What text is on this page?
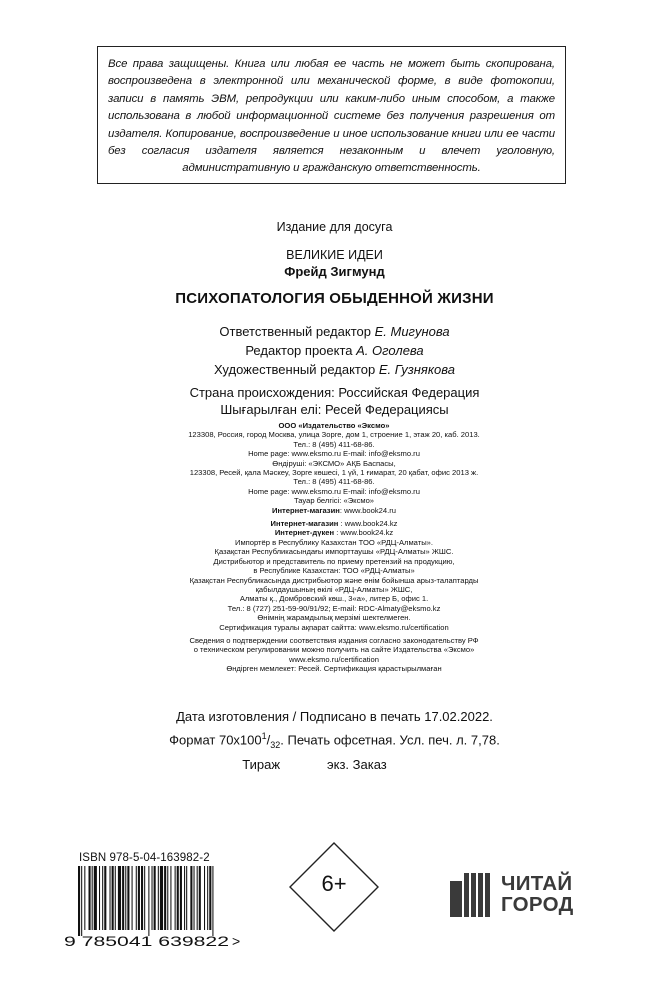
Все права защищены. Книга или любая ее часть не может быть скопирована, воспроизведена в электронной или механической форме, в виде фотокопии, записи в память ЭВМ, репродукции или каким-либо иным способом, а также использована в любой информационной системе без получения разрешения от издателя. Копирование, воспроизведение и иное использование книги или ее части без согласия издателя является незаконным и влечет уголовную, административную и гражданскую ответственность.
Издание для досуга
ВЕЛИКИЕ ИДЕИ
Фрейд Зигмунд
ПСИХОПАТОЛОГИЯ ОБЫДЕННОЙ ЖИЗНИ
Ответственный редактор Е. Мигунова
Редактор проекта А. Оголева
Художественный редактор Е. Гузнякова
Страна происхождения: Российская Федерация
Шығарылған елі: Ресей Федерациясы
ООО «Издательство «Эксмо»
123308, Россия, город Москва, улица Зорге, дом 1, строение 1, этаж 20, каб. 2013.
Тел.: 8 (495) 411-68-86.
Home page: www.eksmo.ru E-mail: info@eksmo.ru
Өндіруші: «ЭКСМО» АҚБ Баспасы,
123308, Ресей, қала Мәскеу, Зорге көшесі, 1 үй, 1 ғимарат, 20 қабат, офис 2013 ж.
Тел.: 8 (495) 411-68-86.
Home page: www.eksmo.ru E-mail: info@eksmo.ru
Тауар белгісі: «Эксмо»
Интернет-магазин: www.book24.ru
Интернет-магазин : www.book24.kz
Интернет-дүкен : www.book24.kz
Импортёр в Республику Казахстан ТОО «РДЦ-Алматы».
Қазақстан Республикасындағы импорттаушы «РДЦ-Алматы» ЖШС.
Дистрибьютор и представитель по приему претензий на продукцию,
в Республике Казахстан: ТОО «РДЦ-Алматы»
Қазақстан Республикасында дистрибьютор және өнім бойынша арыз-талаптарды
қабылдаушының өкілі «РДЦ-Алматы» ЖШС,
Алматы қ., Домбровский көш., 3«а», литер Б, офис 1.
Тел.: 8 (727) 251-59-90/91/92; E-mail: RDC-Almaty@eksmo.kz
Өнімнің жарамдылық мерзімі шектелмеген.
Сертификация туралы ақпарат сайтта: www.eksmo.ru/certification
Сведения о подтверждении соответствия издания согласно законодательству РФ
о техническом регулировании можно получить на сайте Издательства «Эксмо»
www.eksmo.ru/certification
Өндірген мемлекет: Ресей. Сертификация қарастырылмаған
Дата изготовления / Подписано в печать 17.02.2022.
Формат $70х100^1/_{32}$. Печать офсетная. Усл. печ. л. 7,78.
Тираж	экз. Заказ
ISBN 978-5-04-163982-2
9 785041 639822 >
6+	ЧИТАЙ
ГОРОД
